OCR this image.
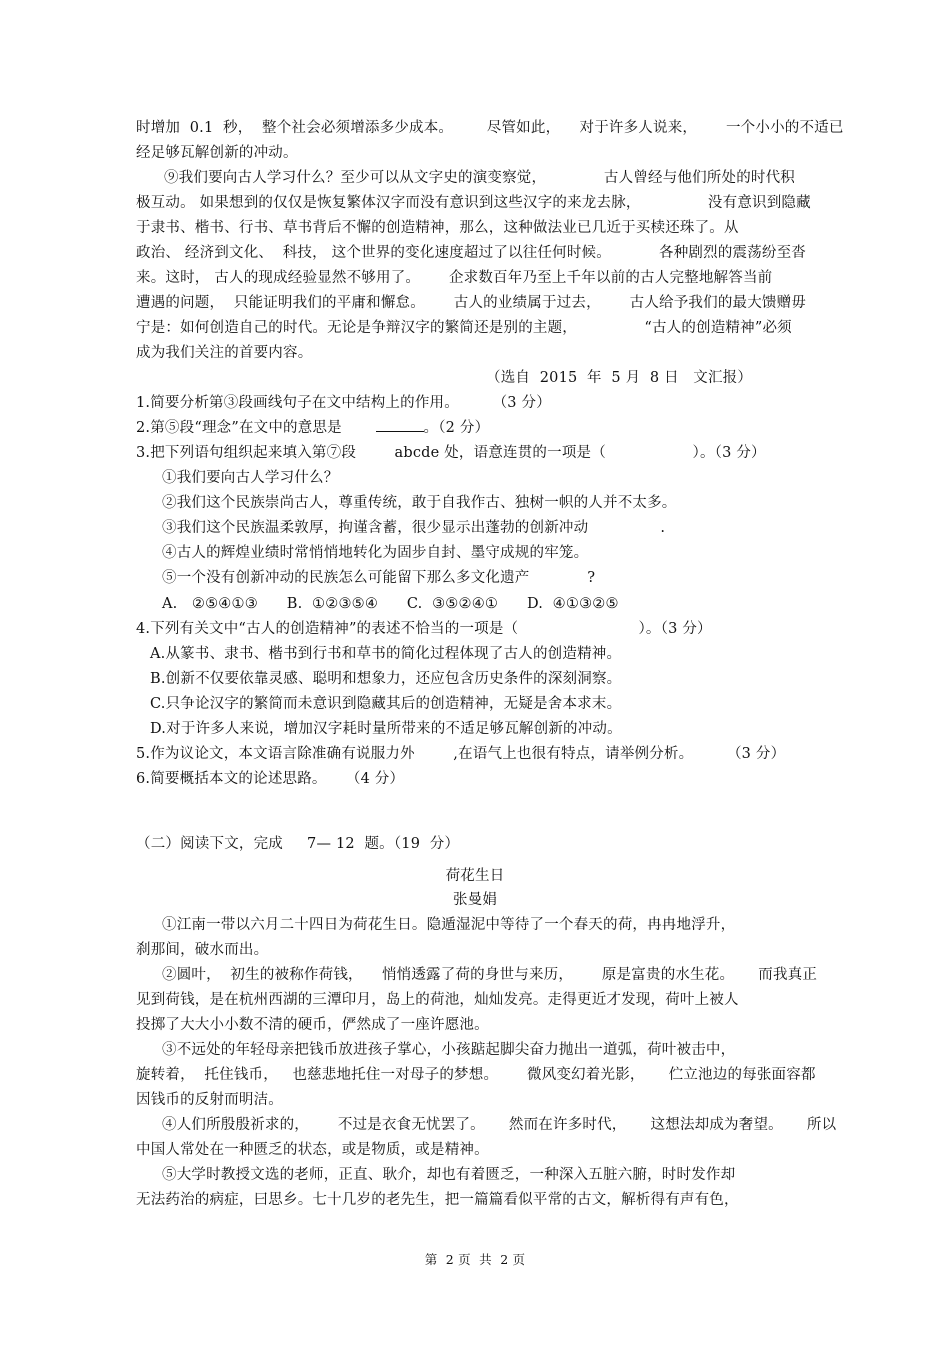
时增加  0.1  秒，  整个社会必须增添多少成本。       尽管如此，    对于许多人说来，      一个小小的不适已
经足够瓦解创新的冲动。
⑨我们要向古人学习什么？至少可以从文字史的演变察觉，            古人曾经与他们所处的时代积
极互动。 如果想到的仅仅是恢复繁体汉字而没有意识到这些汉字的来龙去脉，              没有意识到隐藏
于隶书、楷书、行书、草书背后不懈的创造精神，那么，这种做法业已几近于买椟还珠了。从
政治、 经济到文化、  科技， 这个世界的变化速度超过了以往任何时候。          各种剧烈的震荡纷至沓
来。这时， 古人的现成经验显然不够用了。      企求数百年乃至上千年以前的古人完整地解答当前
遭遇的问题，  只能证明我们的平庸和懈怠。      古人的业绩属于过去，      古人给予我们的最大馈赠毋
宁是：如何创造自己的时代。无论是争辩汉字的繁简还是别的主题，              “古人的创造精神”必须
成为我们关注的首要内容。
（选自  2015  年  5 月  8 日   文汇报）
1.简要分析第③段画线句子在文中结构上的作用。       （3 分）
2.第⑤段“理念”在文中的意思是	。（2 分）
3.把下列语句组织起来填入第⑦段        abcde 处，语意连贯的一项是（                  ）。（3 分）
①我们要向古人学习什么？
②我们这个民族崇尚古人，尊重传统，敢于自我作古、独树一帜的人并不太多。
③我们这个民族温柔敦厚，拘谨含蓄，很少显示出蓬勃的创新冲动               .
④古人的辉煌业绩时常悄悄地转化为固步自封、墨守成规的牢笼。
⑤一个没有创新冲动的民族怎么可能留下那么多文化遗产            ?
A.   ②⑤④①③      B.  ①②③⑤④      C.  ③⑤②④①      D.  ④①③②⑤
4.下列有关文中“古人的创造精神”的表述不恰当的一项是（                         ）。（3 分）
A.从篆书、隶书、楷书到行书和草书的简化过程体现了古人的创造精神。
B.创新不仅要依靠灵感、聪明和想象力，还应包含历史条件的深刻洞察。
C.只争论汉字的繁简而未意识到隐藏其后的创造精神，无疑是舍本求末。
D.对于许多人来说，增加汉字耗时量所带来的不适足够瓦解创新的冲动。
5.作为议论文，本文语言除准确有说服力外        ,在语气上也很有特点，请举例分析。       （3 分）
6.简要概括本文的论述思路。    （4 分）
（二）阅读下文，完成     7— 12  题。（19  分）
荷花生日
张曼娟
①江南一带以六月二十四日为荷花生日。隐遁湿泥中等待了一个春天的荷，冉冉地浮升，
刹那间，破水而出。
②圆叶，  初生的被称作荷钱，    悄悄透露了荷的身世与来历，      原是富贵的水生花。     而我真正
见到荷钱，是在杭州西湖的三潭印月，岛上的荷池，灿灿发亮。走得更近才发现，荷叶上被人
投掷了大大小小数不清的硬币，俨然成了一座许愿池。
③不远处的年轻母亲把钱币放进孩子掌心，小孩踮起脚尖奋力抛出一道弧，荷叶被击中，
旋转着，  托住钱币，   也慈悲地托住一对母子的梦想。      微风变幻着光影，     伫立池边的每张面容都
因钱币的反射而明洁。
④人们所殷殷祈求的，      不过是衣食无忧罢了。     然而在许多时代，     这想法却成为奢望。     所以
中国人常处在一种匮乏的状态，或是物质，或是精神。
⑤大学时教授文选的老师，正直、耿介，却也有着匮乏，一种深入五脏六腑，时时发作却
无法药治的病症，曰思乡。七十几岁的老先生，把一篇篇看似平常的古文，解析得有声有色，
第  2 页  共  2 页
